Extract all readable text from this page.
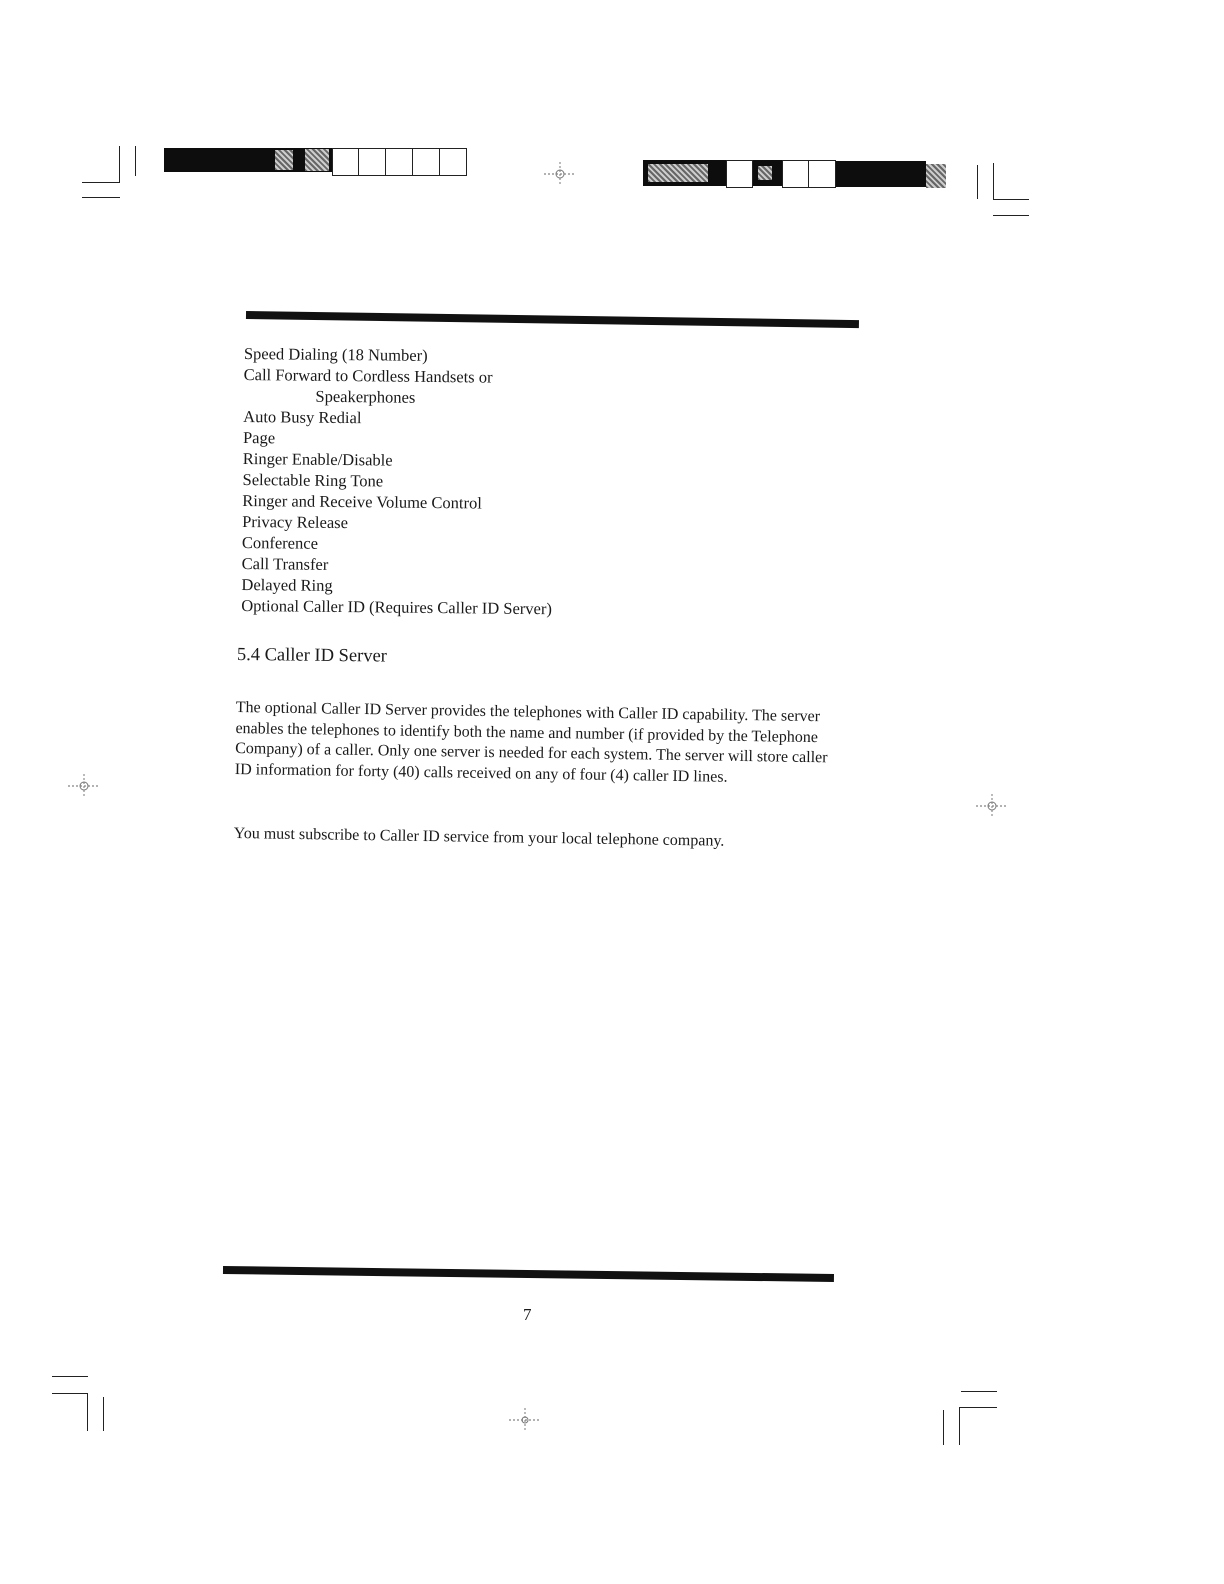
Speed Dialing (18 Number)
Call Forward to Cordless Handsets or
Speakerphones
Auto Busy Redial
Page
Ringer Enable/Disable
Selectable Ring Tone
Ringer and Receive Volume Control
Privacy Release
Conference
Call Transfer
Delayed Ring
Optional Caller ID (Requires Caller ID Server)
5.4 Caller ID Server
The optional Caller ID Server provides the telephones with Caller ID capability. The server enables the telephones to identify both the name and number (if provided by the Telephone Company) of a caller. Only one server is needed for each system. The server will store caller ID information for forty (40) calls received on any of four (4) caller ID lines.
You must subscribe to Caller ID service from your local telephone company.
7
